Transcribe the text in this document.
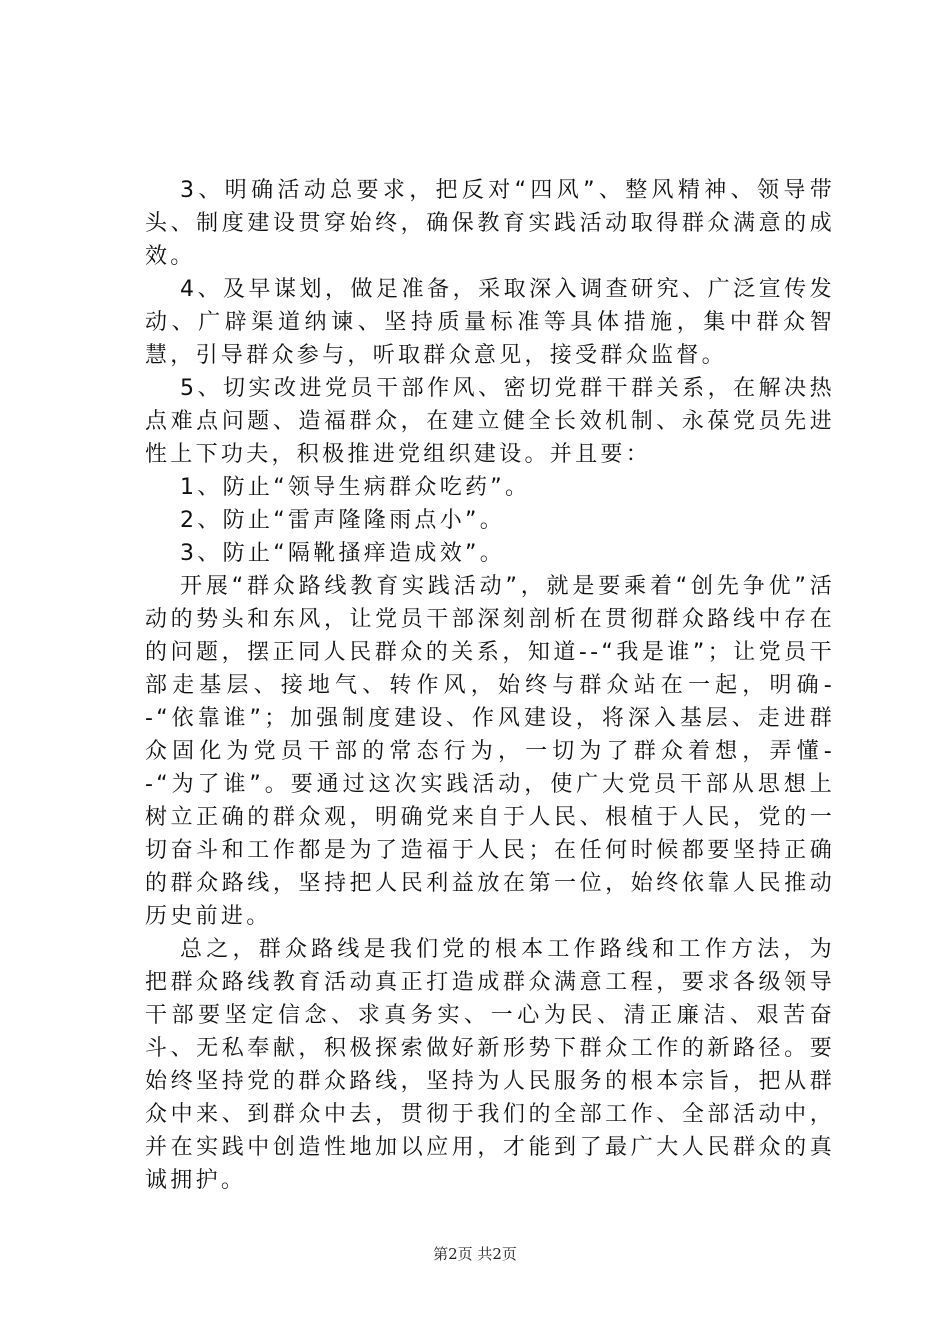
3、明确活动总要求，把反对“四风”、整风精神、领导带头、制度建设贯穿始终，确保教育实践活动取得群众满意的成效。

4、及早谋划，做足准备，采取深入调查研究、广泛宣传发动、广辟渠道纳谏、坚持质量标准等具体措施，集中群众智慧，引导群众参与，听取群众意见，接受群众监督。

5、切实改进党员干部作风、密切党群干群关系，在解决热点难点问题、造福群众，在建立健全长效机制、永葆党员先进性上下功夫，积极推进党组织建设。并且要：

1、防止“领导生病群众吃药”。

2、防止“雷声隆隆雨点小”。

3、防止“隔靴搔痒造成效”。

开展“群众路线教育实践活动”，就是要乘着“创先争优”活动的势头和东风，让党员干部深刻剖析在贯彻群众路线中存在的问题，摆正同人民群众的关系，知道--“我是谁”；让党员干部走基层、接地气、转作风，始终与群众站在一起，明确--“依靠谁”；加强制度建设、作风建设，将深入基层、走进群众固化为党员干部的常态行为，一切为了群众着想，弄懂--“为了谁”。要通过这次实践活动，使广大党员干部从思想上树立正确的群众观，明确党来自于人民、根植于人民，党的一切奋斗和工作都是为了造福于人民；在任何时候都要坚持正确的群众路线，坚持把人民利益放在第一位，始终依靠人民推动历史前进。

总之，群众路线是我们党的根本工作路线和工作方法，为把群众路线教育活动真正打造成群众满意工程，要求各级领导干部要坚定信念、求真务实、一心为民、清正廉洁、艰苦奋斗、无私奉献，积极探索做好新形势下群众工作的新路径。要始终坚持党的群众路线，坚持为人民服务的根本宗旨，把从群众中来、到群众中去，贯彻于我们的全部工作、全部活动中，并在实践中创造性地加以应用，才能到了最广大人民群众的真诚拥护。

第2页 共2页
